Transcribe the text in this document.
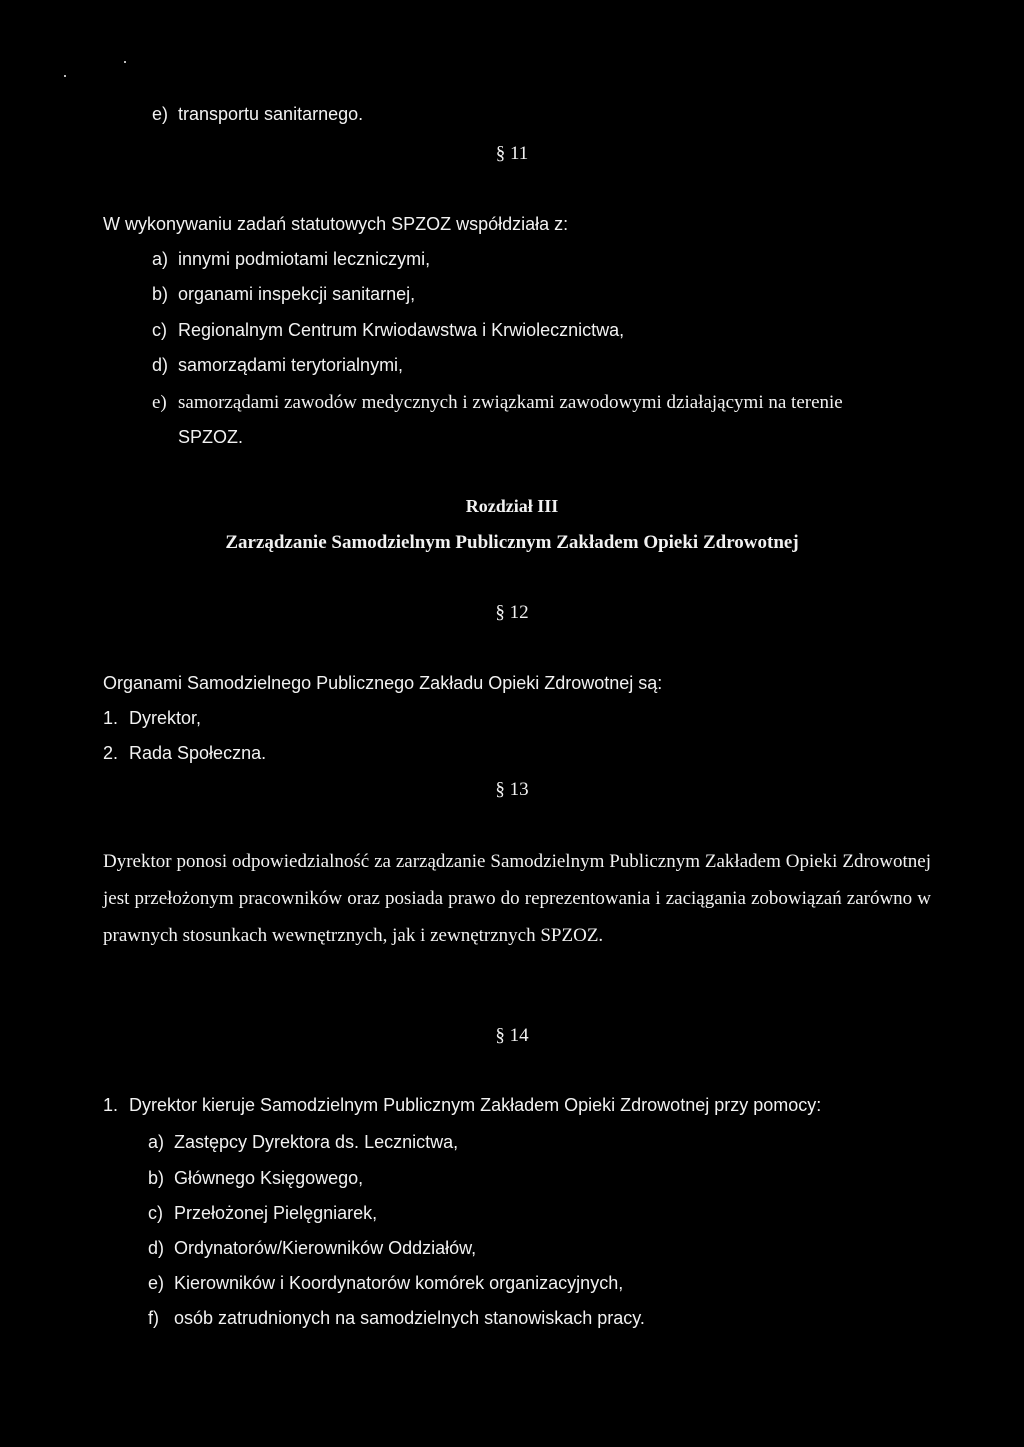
e) transportu sanitarnego.
§ 11
W wykonywaniu zadań statutowych SPZOZ współdziała z:
a) innymi podmiotami leczniczymi,
b) organami inspekcji sanitarnej,
c) Regionalnym Centrum Krwiodawstwa i Krwiolecznictwa,
d) samorządami terytorialnymi,
e) samorządami zawodów medycznych i związkami zawodowymi działającymi na terenie
SPZOZ.
Rozdział III
Zarządzanie Samodzielnym Publicznym Zakładem Opieki Zdrowotnej
§ 12
Organami Samodzielnego Publicznego Zakładu Opieki Zdrowotnej są:
1. Dyrektor,
2. Rada Społeczna.
§ 13
Dyrektor ponosi odpowiedzialność za zarządzanie Samodzielnym Publicznym Zakładem Opieki Zdrowotnej jest przełożonym pracowników oraz posiada prawo do reprezentowania i zaciągania zobowiązań zarówno w prawnych stosunkach wewnętrznych, jak i zewnętrznych SPZOZ.
§ 14
1. Dyrektor kieruje Samodzielnym Publicznym Zakładem Opieki Zdrowotnej przy pomocy:
a) Zastępcy Dyrektora ds. Lecznictwa,
b) Głównego Księgowego,
c) Przełożonej Pielęgniarek,
d) Ordynatorów/Kierowników Oddziałów,
e) Kierowników i Koordynatorów komórek organizacyjnych,
f) osób zatrudnionych na samodzielnych stanowiskach pracy.
